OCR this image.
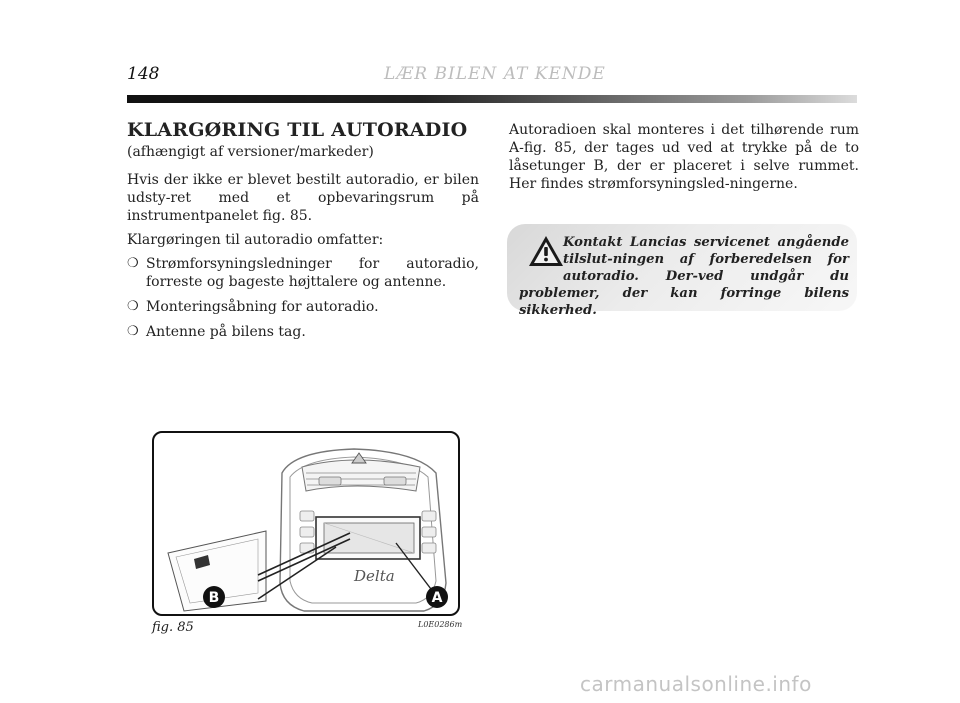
148	LÆR BILEN AT KENDE
KLARGØRING TIL AUTORADIO
(afhængigt af versioner/markeder)

Hvis der ikke er blevet bestilt autoradio, er bilen udsty-ret med et opbevaringsrum på instrumentpanelet fig. 85.

Klargøringen til autoradio omfatter:

❍ Strømforsyningsledninger for autoradio, forreste og bageste højttalere og antenne.
❍ Monteringsåbning for autoradio.
❍ Antenne på bilens tag.

Autoradioen skal monteres i det tilhørende rum A-fig. 85, der tages ud ved at trykke på de to låsetunger B, der er placeret i selve rummet. Her findes strømforsyningsled-ningerne.

Kontakt Lancias servicenet angående tilslut-ningen af forberedelsen for autoradio. Der-ved undgår du problemer, der kan forringe bilens sikkerhed.
Delta
B	A
fig. 85	L0E0286m
carmanualsonline.info
